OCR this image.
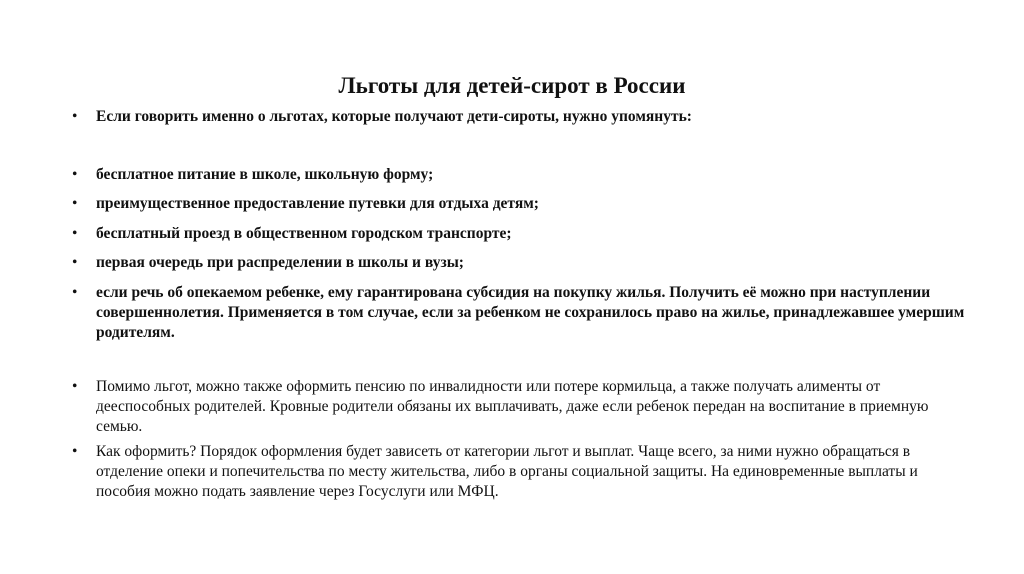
Льготы для детей-сирот в России
• Если говорить именно о льготах, которые получают дети-сироты, нужно упомянуть:
• бесплатное питание в школе, школьную форму;
• преимущественное предоставление путевки для отдыха детям;
• бесплатный проезд в общественном городском транспорте;
• первая очередь при распределении в школы и вузы;
• если речь об опекаемом ребенке, ему гарантирована субсидия на покупку жилья. Получить её можно при наступлении совершеннолетия. Применяется в том случае, если за ребенком не сохранилось право на жилье, принадлежавшее умершим родителям.
• Помимо льгот, можно также оформить пенсию по инвалидности или потере кормильца, а также получать алименты от дееспособных родителей. Кровные родители обязаны их выплачивать, даже если ребенок передан на воспитание в приемную семью.
• Как оформить? Порядок оформления будет зависеть от категории льгот и выплат. Чаще всего, за ними нужно обращаться в отделение опеки и попечительства по месту жительства, либо в органы социальной защиты. На единовременные выплаты и пособия можно подать заявление через Госуслуги или МФЦ.
